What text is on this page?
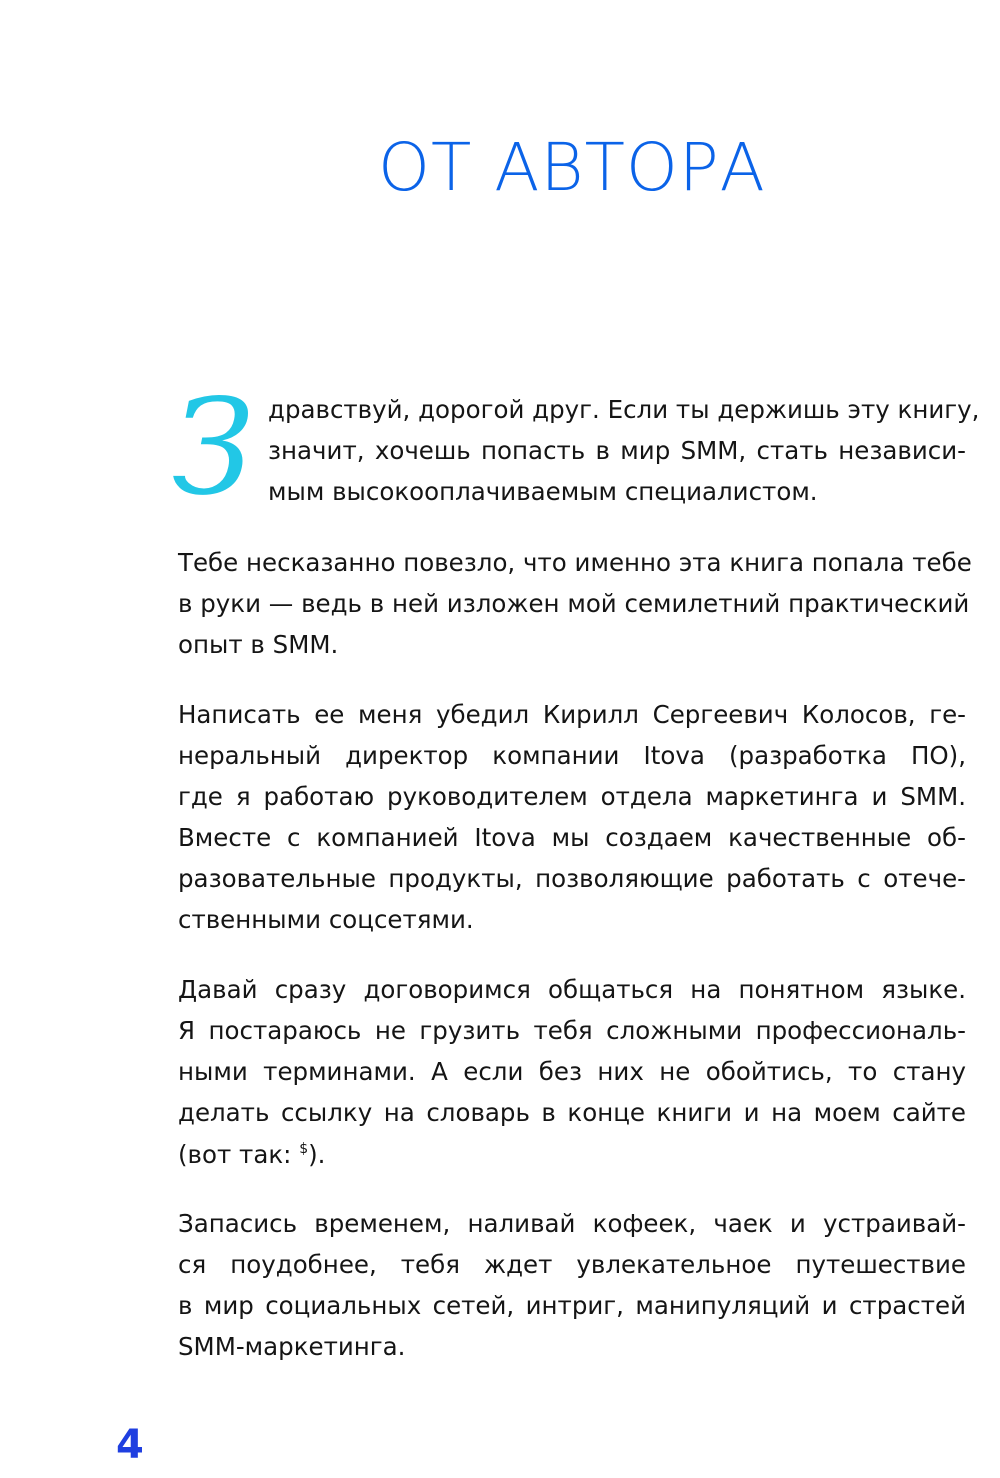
ОТ АВТОРА
З дравствуй, дорогой друг. Если ты держишь эту книгу,
значит, хочешь попасть в мир SMM, стать независи-
мым высокооплачиваемым специалистом.
Тебе несказанно повезло, что именно эта книга попала тебе
в руки — ведь в ней изложен мой семилетний практический
опыт в SMM.
Написать ее меня убедил Кирилл Сергеевич Колосов, ге-
неральный директор компании Itova (разработка ПО),
где я работаю руководителем отдела маркетинга и SMM.
Вместе с компанией Itova мы создаем качественные об-
разовательные продукты, позволяющие работать с отече-
ственными соцсетями.
Давай сразу договоримся общаться на понятном языке.
Я постараюсь не грузить тебя сложными профессиональ-
ными терминами. А если без них не обойтись, то стану
делать ссылку на словарь в конце книги и на моем сайте
(вот так: $).
Запасись временем, наливай кофеек, чаек и устраивай-
ся поудобнее, тебя ждет увлекательное путешествие
в мир социальных сетей, интриг, манипуляций и страстей
SMM-маркетинга.
4
